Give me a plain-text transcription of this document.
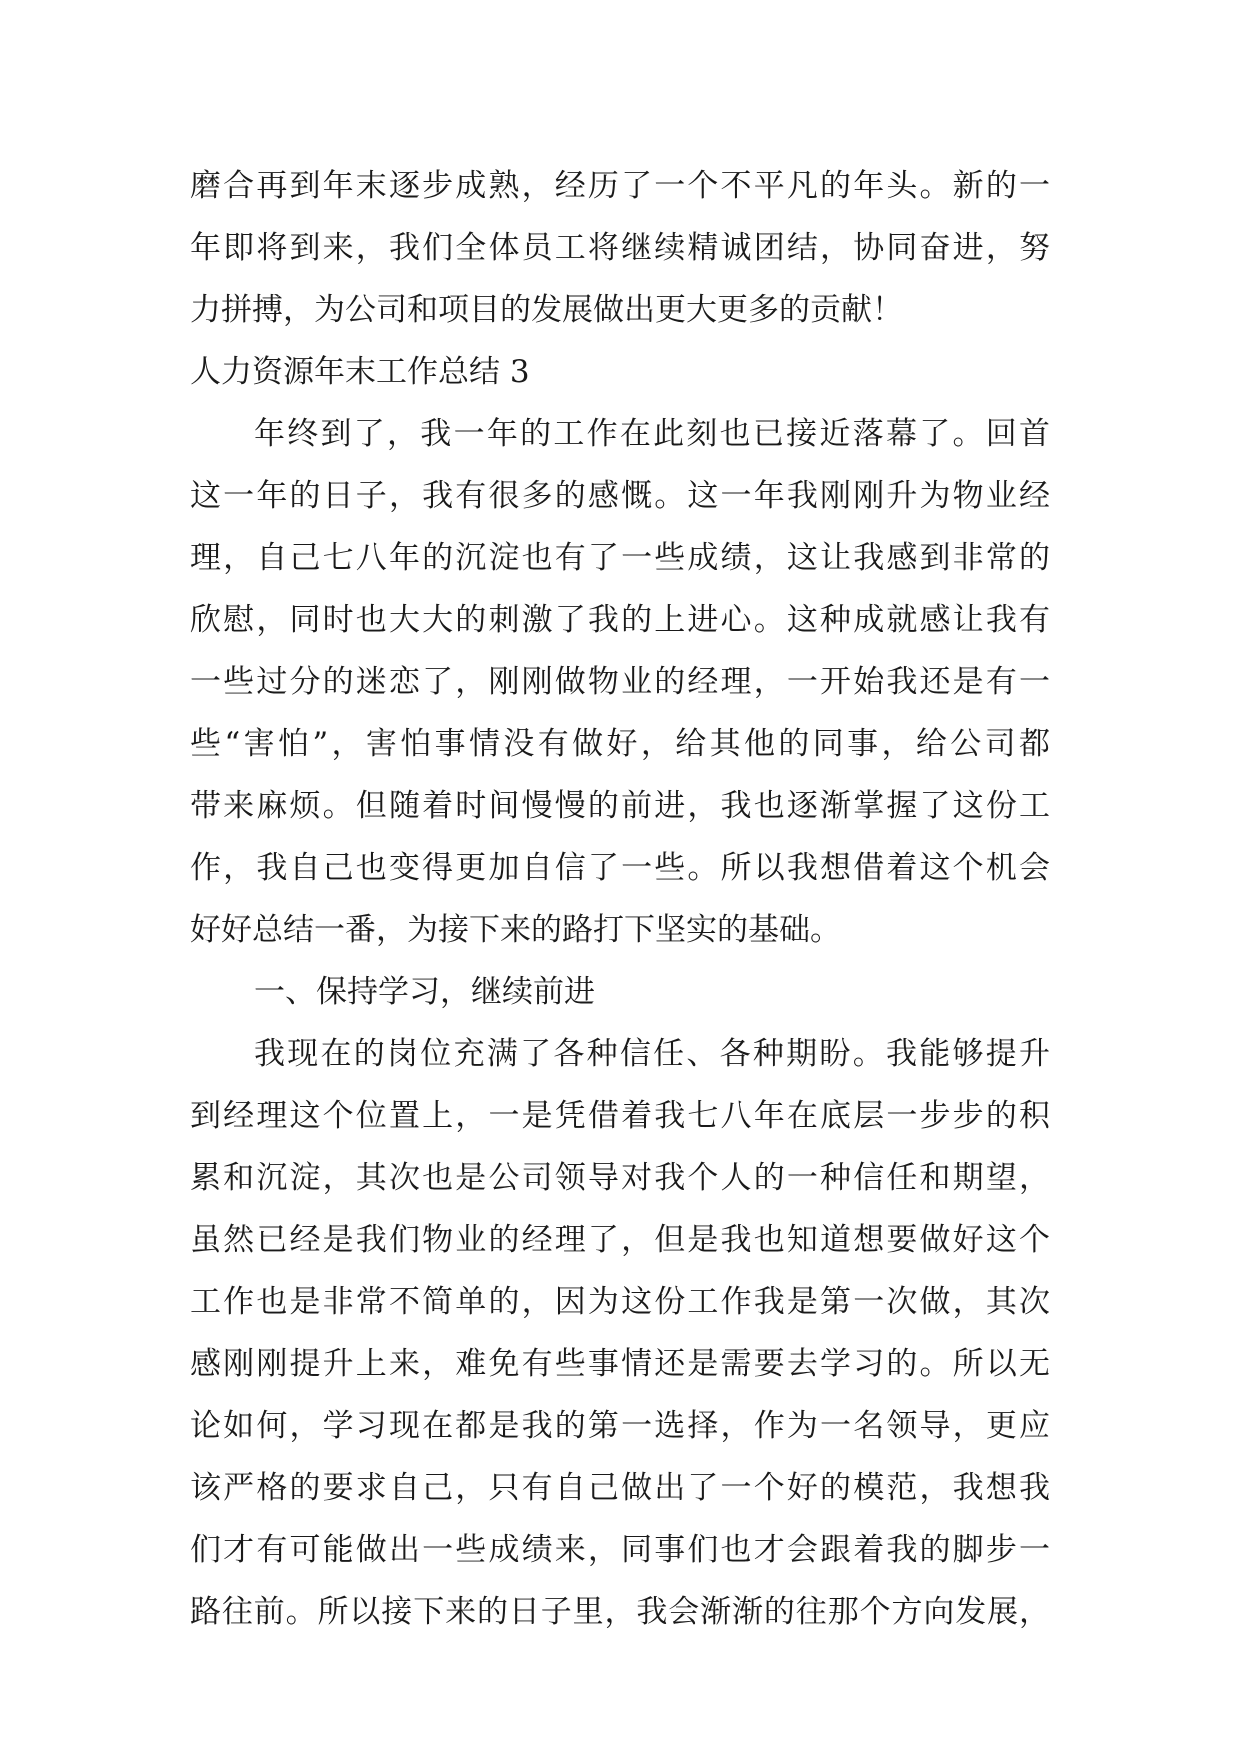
磨合再到年末逐步成熟，经历了一个不平凡的年头。新的一
年即将到来，我们全体员工将继续精诚团结，协同奋进，努
力拼搏，为公司和项目的发展做出更大更多的贡献！
人力资源年末工作总结 3
年终到了，我一年的工作在此刻也已接近落幕了。回首
这一年的日子，我有很多的感慨。这一年我刚刚升为物业经
理，自己七八年的沉淀也有了一些成绩，这让我感到非常的
欣慰，同时也大大的刺激了我的上进心。这种成就感让我有
一些过分的迷恋了，刚刚做物业的经理，一开始我还是有一
些“害怕”，害怕事情没有做好，给其他的同事，给公司都
带来麻烦。但随着时间慢慢的前进，我也逐渐掌握了这份工
作，我自己也变得更加自信了一些。所以我想借着这个机会
好好总结一番，为接下来的路打下坚实的基础。
一、保持学习，继续前进
我现在的岗位充满了各种信任、各种期盼。我能够提升
到经理这个位置上，一是凭借着我七八年在底层一步步的积
累和沉淀，其次也是公司领导对我个人的一种信任和期望，
虽然已经是我们物业的经理了，但是我也知道想要做好这个
工作也是非常不简单的，因为这份工作我是第一次做，其次
感刚刚提升上来，难免有些事情还是需要去学习的。所以无
论如何，学习现在都是我的第一选择，作为一名领导，更应
该严格的要求自己，只有自己做出了一个好的模范，我想我
们才有可能做出一些成绩来，同事们也才会跟着我的脚步一
路往前。所以接下来的日子里，我会渐渐的往那个方向发展，
